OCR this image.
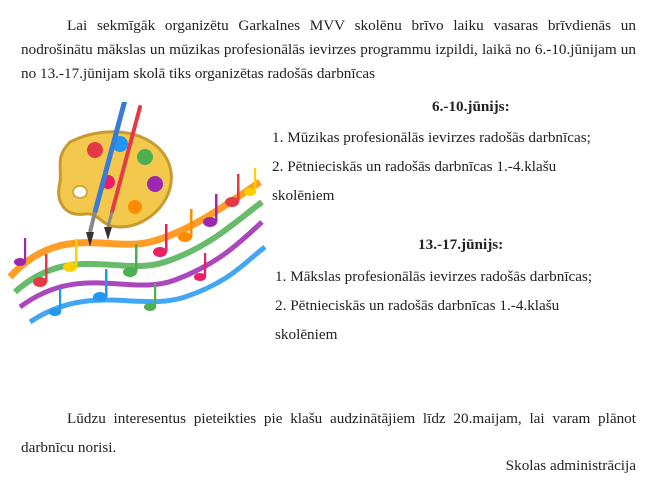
Lai sekmīgāk organizētu Garkalnes MVV skolēnu brīvo laiku vasaras brīvdienās un nodrošinātu mākslas un mūzikas profesionālās ievirzes programmu izpildi, laikā no 6.-10.jūnijam un no 13.-17.jūnijam skolā tiks organizētas radošās darbnīcas

6.-10.jūnijs:

1. Mūzikas profesionālās ievirzes radošās darbnīcas;
2. Pētnieciskās un radošās darbnīcas 1.-4.klašu
skolēniem

13.-17.jūnijs:

1. Mākslas profesionālās ievirzes radošās darbnīcas;
2. Pētnieciskās un radošās darbnīcas 1.-4.klašu
skolēniem

Lūdzu interesentus pieteikties pie klašu audzinātājiem līdz 20.maijam, lai varam plānot darbnīcu norisi.

Skolas administrācija
